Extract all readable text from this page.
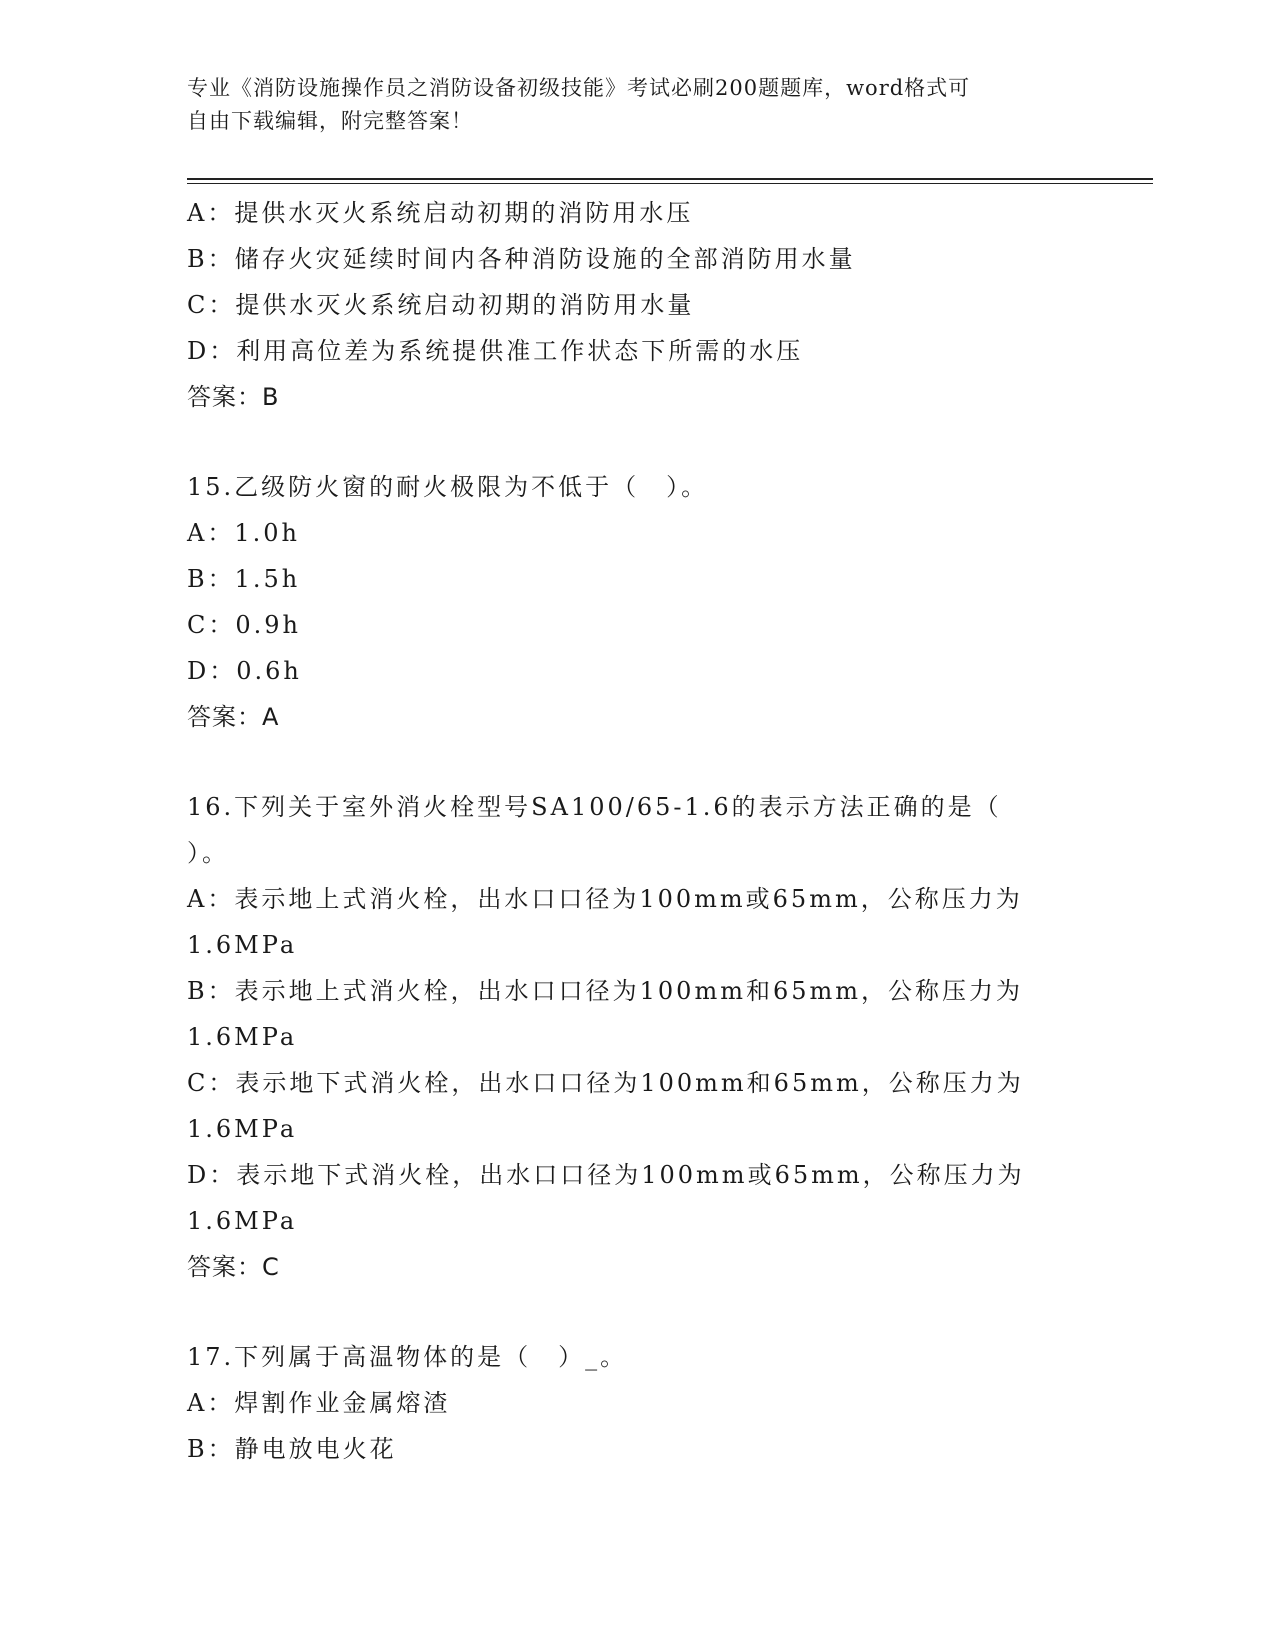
专业《消防设施操作员之消防设备初级技能》考试必刷200题题库，word格式可
自由下载编辑，附完整答案！
A：提供水灭火系统启动初期的消防用水压
B：储存火灾延续时间内各种消防设施的全部消防用水量
C：提供水灭火系统启动初期的消防用水量
D：利用高位差为系统提供准工作状态下所需的水压
答案：B
15.乙级防火窗的耐火极限为不低于（　）。
A：1.0h
B：1.5h
C：0.9h
D：0.6h
答案：A
16.下列关于室外消火栓型号SA100/65-1.6的表示方法正确的是（
）。
A：表示地上式消火栓，出水口口径为100mm或65mm，公称压力为
1.6MPa
B：表示地上式消火栓，出水口口径为100mm和65mm，公称压力为
1.6MPa
C：表示地下式消火栓，出水口口径为100mm和65mm，公称压力为
1.6MPa
D：表示地下式消火栓，出水口口径为100mm或65mm，公称压力为
1.6MPa
答案：C
17.下列属于高温物体的是（　）_。
A：焊割作业金属熔渣
B：静电放电火花
